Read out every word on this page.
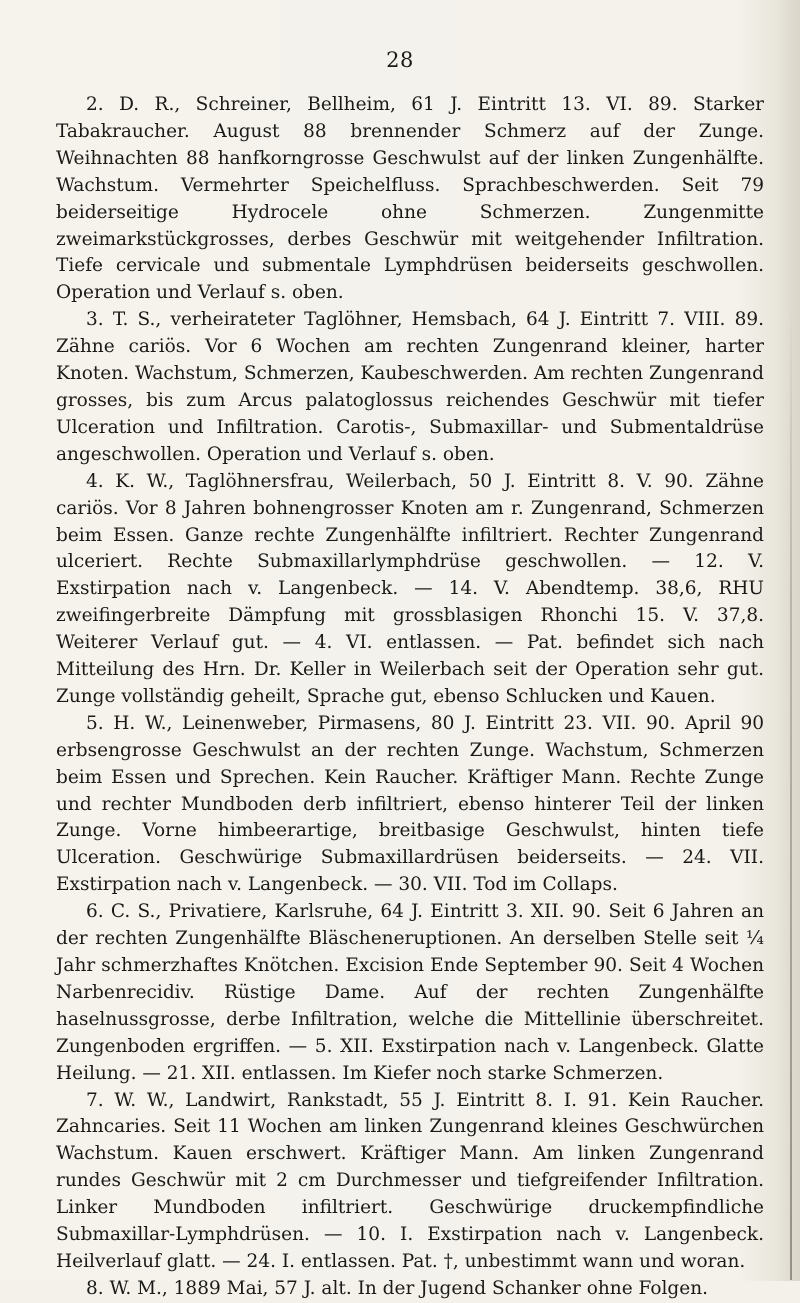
28

2. D. R., Schreiner, Bellheim, 61 J. Eintritt 13. VI. 89. Starker Tabakraucher. August 88 brennender Schmerz auf der Zunge. Weihnachten 88 hanfkorngrosse Geschwulst auf der linken Zungenhälfte. Wachstum. Vermehrter Speichelfluss. Sprachbeschwerden. Seit 79 beiderseitige Hydrocele ohne Schmerzen. Zungenmitte zweimarkstückgrosses, derbes Geschwür mit weitgehender Infiltration. Tiefe cervicale und submentale Lymphdrüsen beiderseits geschwollen. Operation und Verlauf s. oben.

3. T. S., verheirateter Taglöhner, Hemsbach, 64 J. Eintritt 7. VIII. 89. Zähne cariös. Vor 6 Wochen am rechten Zungenrand kleiner, harter Knoten. Wachstum, Schmerzen, Kaubeschwerden. Am rechten Zungenrand grosses, bis zum Arcus palatoglossus reichendes Geschwür mit tiefer Ulceration und Infiltration. Carotis-, Submaxillar- und Submentaldrüse angeschwollen. Operation und Verlauf s. oben.

4. K. W., Taglöhnersfrau, Weilerbach, 50 J. Eintritt 8. V. 90. Zähne cariös. Vor 8 Jahren bohnengrosser Knoten am r. Zungenrand, Schmerzen beim Essen. Ganze rechte Zungenhälfte infiltriert. Rechter Zungenrand ulceriert. Rechte Submaxillarlymphdrüse geschwollen. — 12. V. Exstirpation nach v. Langenbeck. — 14. V. Abendtemp. 38,6, RHU zweifingerbreite Dämpfung mit grossblasigen Rhonchi 15. V. 37,8. Weiterer Verlauf gut. — 4. VI. entlassen. — Pat. befindet sich nach Mitteilung des Hrn. Dr. Keller in Weilerbach seit der Operation sehr gut. Zunge vollständig geheilt, Sprache gut, ebenso Schlucken und Kauen.

5. H. W., Leinenweber, Pirmasens, 80 J. Eintritt 23. VII. 90. April 90 erbsengrosse Geschwulst an der rechten Zunge. Wachstum, Schmerzen beim Essen und Sprechen. Kein Raucher. Kräftiger Mann. Rechte Zunge und rechter Mundboden derb infiltriert, ebenso hinterer Teil der linken Zunge. Vorne himbeerartige, breitbasige Geschwulst, hinten tiefe Ulceration. Geschwürige Submaxillardrüsen beiderseits. — 24. VII. Exstirpation nach v. Langenbeck. — 30. VII. Tod im Collaps.

6. C. S., Privatiere, Karlsruhe, 64 J. Eintritt 3. XII. 90. Seit 6 Jahren an der rechten Zungenhälfte Bläscheneruptionen. An derselben Stelle seit ¼ Jahr schmerzhaftes Knötchen. Excision Ende September 90. Seit 4 Wochen Narbenrecidiv. Rüstige Dame. Auf der rechten Zungenhälfte haselnussgrosse, derbe Infiltration, welche die Mittellinie überschreitet. Zungenboden ergriffen. — 5. XII. Exstirpation nach v. Langenbeck. Glatte Heilung. — 21. XII. entlassen. Im Kiefer noch starke Schmerzen.

7. W. W., Landwirt, Rankstadt, 55 J. Eintritt 8. I. 91. Kein Raucher. Zahncaries. Seit 11 Wochen am linken Zungenrand kleines Geschwürchen Wachstum. Kauen erschwert. Kräftiger Mann. Am linken Zungenrand rundes Geschwür mit 2 cm Durchmesser und tiefgreifender Infiltration. Linker Mundboden infiltriert. Geschwürige druckempfindliche Submaxillar-Lymphdrüsen. — 10. I. Exstirpation nach v. Langenbeck. Heilverlauf glatt. — 24. I. entlassen. Pat. †, unbestimmt wann und woran.

8. W. M., 1889 Mai, 57 J. alt. In der Jugend Schanker ohne Folgen.
